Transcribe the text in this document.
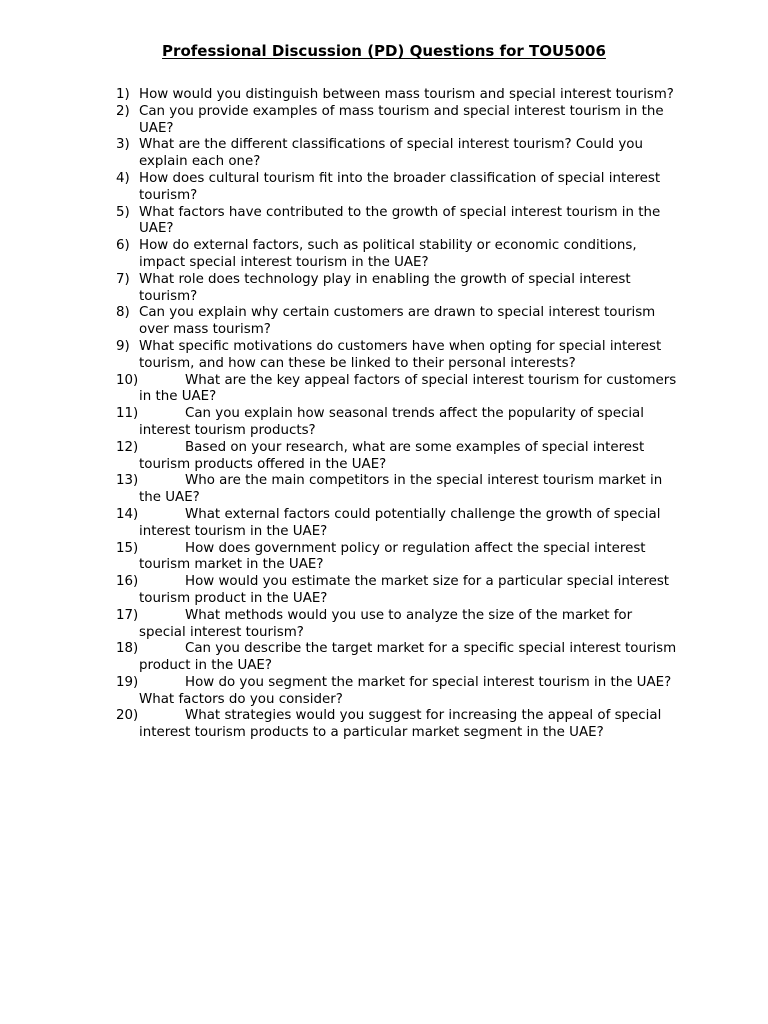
Professional Discussion (PD) Questions for TOU5006
1) How would you distinguish between mass tourism and special interest tourism?
2) Can you provide examples of mass tourism and special interest tourism in the UAE?
3) What are the different classifications of special interest tourism? Could you explain each one?
4) How does cultural tourism fit into the broader classification of special interest tourism?
5) What factors have contributed to the growth of special interest tourism in the UAE?
6) How do external factors, such as political stability or economic conditions, impact special interest tourism in the UAE?
7) What role does technology play in enabling the growth of special interest tourism?
8) Can you explain why certain customers are drawn to special interest tourism over mass tourism?
9) What specific motivations do customers have when opting for special interest tourism, and how can these be linked to their personal interests?
10)	What are the key appeal factors of special interest tourism for customers in the UAE?
11)	Can you explain how seasonal trends affect the popularity of special interest tourism products?
12)	Based on your research, what are some examples of special interest tourism products offered in the UAE?
13)	Who are the main competitors in the special interest tourism market in the UAE?
14)	What external factors could potentially challenge the growth of special interest tourism in the UAE?
15)	How does government policy or regulation affect the special interest tourism market in the UAE?
16)	How would you estimate the market size for a particular special interest tourism product in the UAE?
17)	What methods would you use to analyze the size of the market for special interest tourism?
18)	Can you describe the target market for a specific special interest tourism product in the UAE?
19)	How do you segment the market for special interest tourism in the UAE? What factors do you consider?
20)	What strategies would you suggest for increasing the appeal of special interest tourism products to a particular market segment in the UAE?
